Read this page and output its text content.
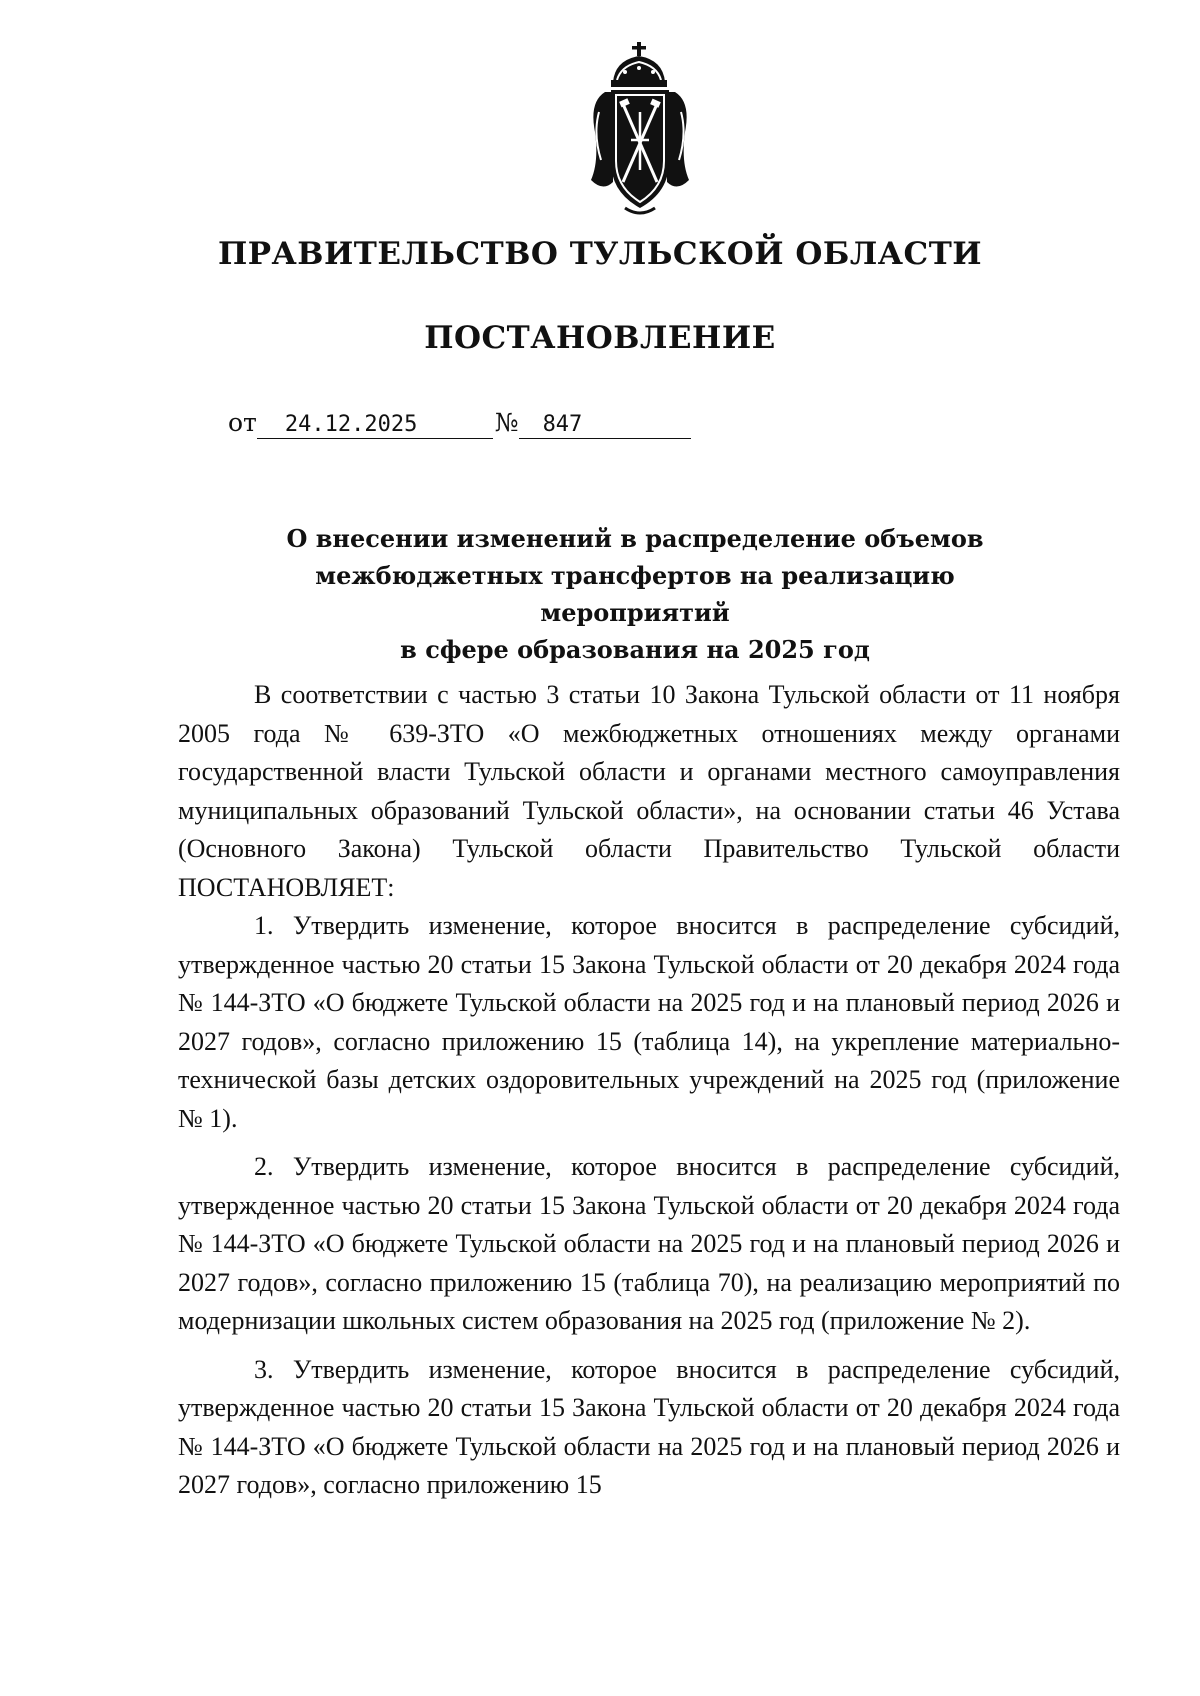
ПРАВИТЕЛЬСТВО ТУЛЬСКОЙ ОБЛАСТИ
ПОСТАНОВЛЕНИЕ
от 24.12.2025	№ 847
О внесении изменений в распределение объемов
межбюджетных трансфертов на реализацию мероприятий
в сфере образования на 2025 год

В соответствии с частью 3 статьи 10 Закона Тульской области от 11 ноября 2005 года № 639-ЗТО «О межбюджетных отношениях между органами государственной власти Тульской области и органами местного самоуправления муниципальных образований Тульской области», на основании статьи 46 Устава (Основного Закона) Тульской области Правительство Тульской области ПОСТАНОВЛЯЕТ:

1. Утвердить изменение, которое вносится в распределение субсидий, утвержденное частью 20 статьи 15 Закона Тульской области от 20 декабря 2024 года № 144-ЗТО «О бюджете Тульской области на 2025 год и на плановый период 2026 и 2027 годов», согласно приложению 15 (таблица 14), на укрепление материально-технической базы детских оздоровительных учреждений на 2025 год (приложение № 1).

2. Утвердить изменение, которое вносится в распределение субсидий, утвержденное частью 20 статьи 15 Закона Тульской области от 20 декабря 2024 года № 144-ЗТО «О бюджете Тульской области на 2025 год и на плановый период 2026 и 2027 годов», согласно приложению 15 (таблица 70), на реализацию мероприятий по модернизации школьных систем образования на 2025 год (приложение № 2).

3. Утвердить изменение, которое вносится в распределение субсидий, утвержденное частью 20 статьи 15 Закона Тульской области от 20 декабря 2024 года № 144-ЗТО «О бюджете Тульской области на 2025 год и на плановый период 2026 и 2027 годов», согласно приложению 15
